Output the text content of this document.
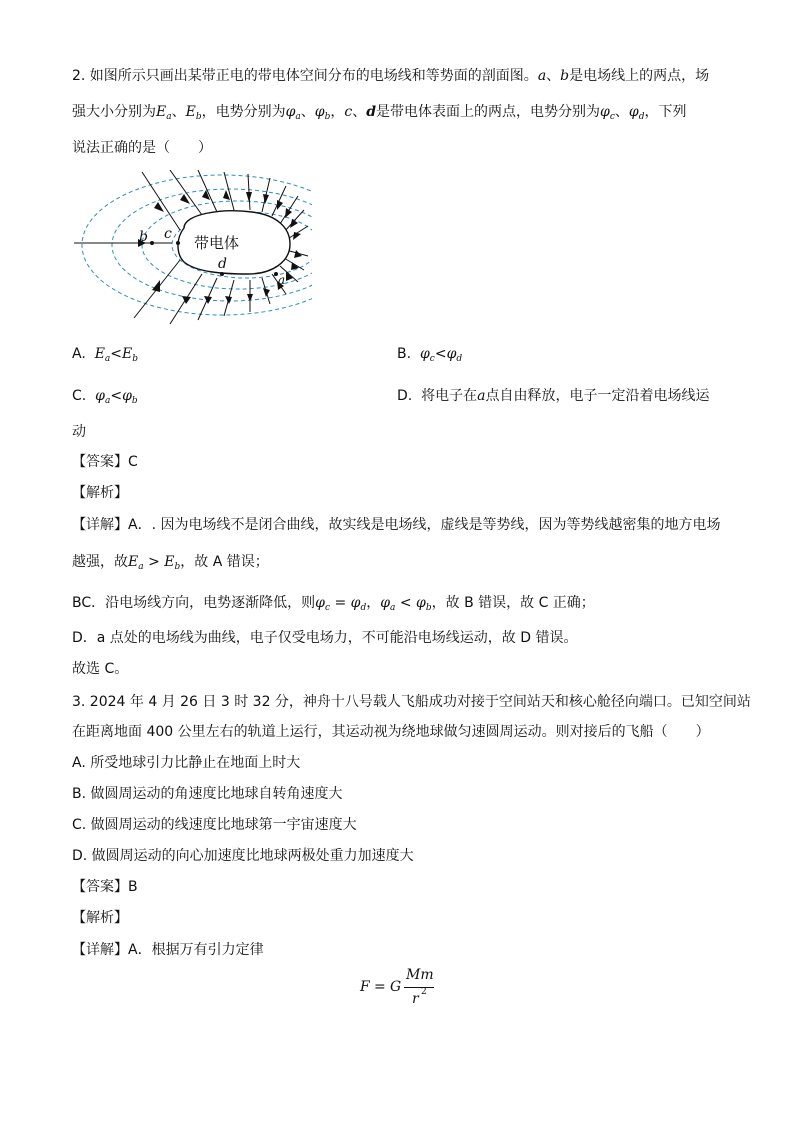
2. 如图所示只画出某带正电的带电体空间分布的电场线和等势面的剖面图。a、b是电场线上的两点，场
强大小分别为$E_a$、$E_b$，电势分别为$\varphi_a$、$\varphi_b$，c、d是带电体表面上的两点，电势分别为$\varphi_c$、$\varphi_d$，下列
说法正确的是（　　）
带电体
b c
d
a
A. $E_a<E_b$	B. $\varphi_c<\varphi_d$
C. $\varphi_a<\varphi_b$	D. 将电子在a点自由释放，电子一定沿着电场线运
动
【答案】C
【解析】
【详解】A．. 因为电场线不是闭合曲线，故实线是电场线，虚线是等势线，因为等势线越密集的地方电场
越强，故$E_a > E_b$，故 A 错误；
BC．沿电场线方向，电势逐渐降低，则$\varphi_c = \varphi_d$，$\varphi_a < \varphi_b$，故 B 错误，故 C 正确；
D．a 点处的电场线为曲线，电子仅受电场力，不可能沿电场线运动，故 D 错误。
故选 C。
3. 2024 年 4 月 26 日 3 时 32 分，神舟十八号载人飞船成功对接于空间站天和核心舱径向端口。已知空间站
在距离地面 400 公里左右的轨道上运行，其运动视为绕地球做匀速圆周运动。则对接后的飞船（　　）
A. 所受地球引力比静止在地面上时大
B. 做圆周运动的角速度比地球自转角速度大
C. 做圆周运动的线速度比地球第一宇宙速度大
D. 做圆周运动的向心加速度比地球两极处重力加速度大
【答案】B
【解析】
【详解】A．根据万有引力定律
F = G
Mm
r 2
